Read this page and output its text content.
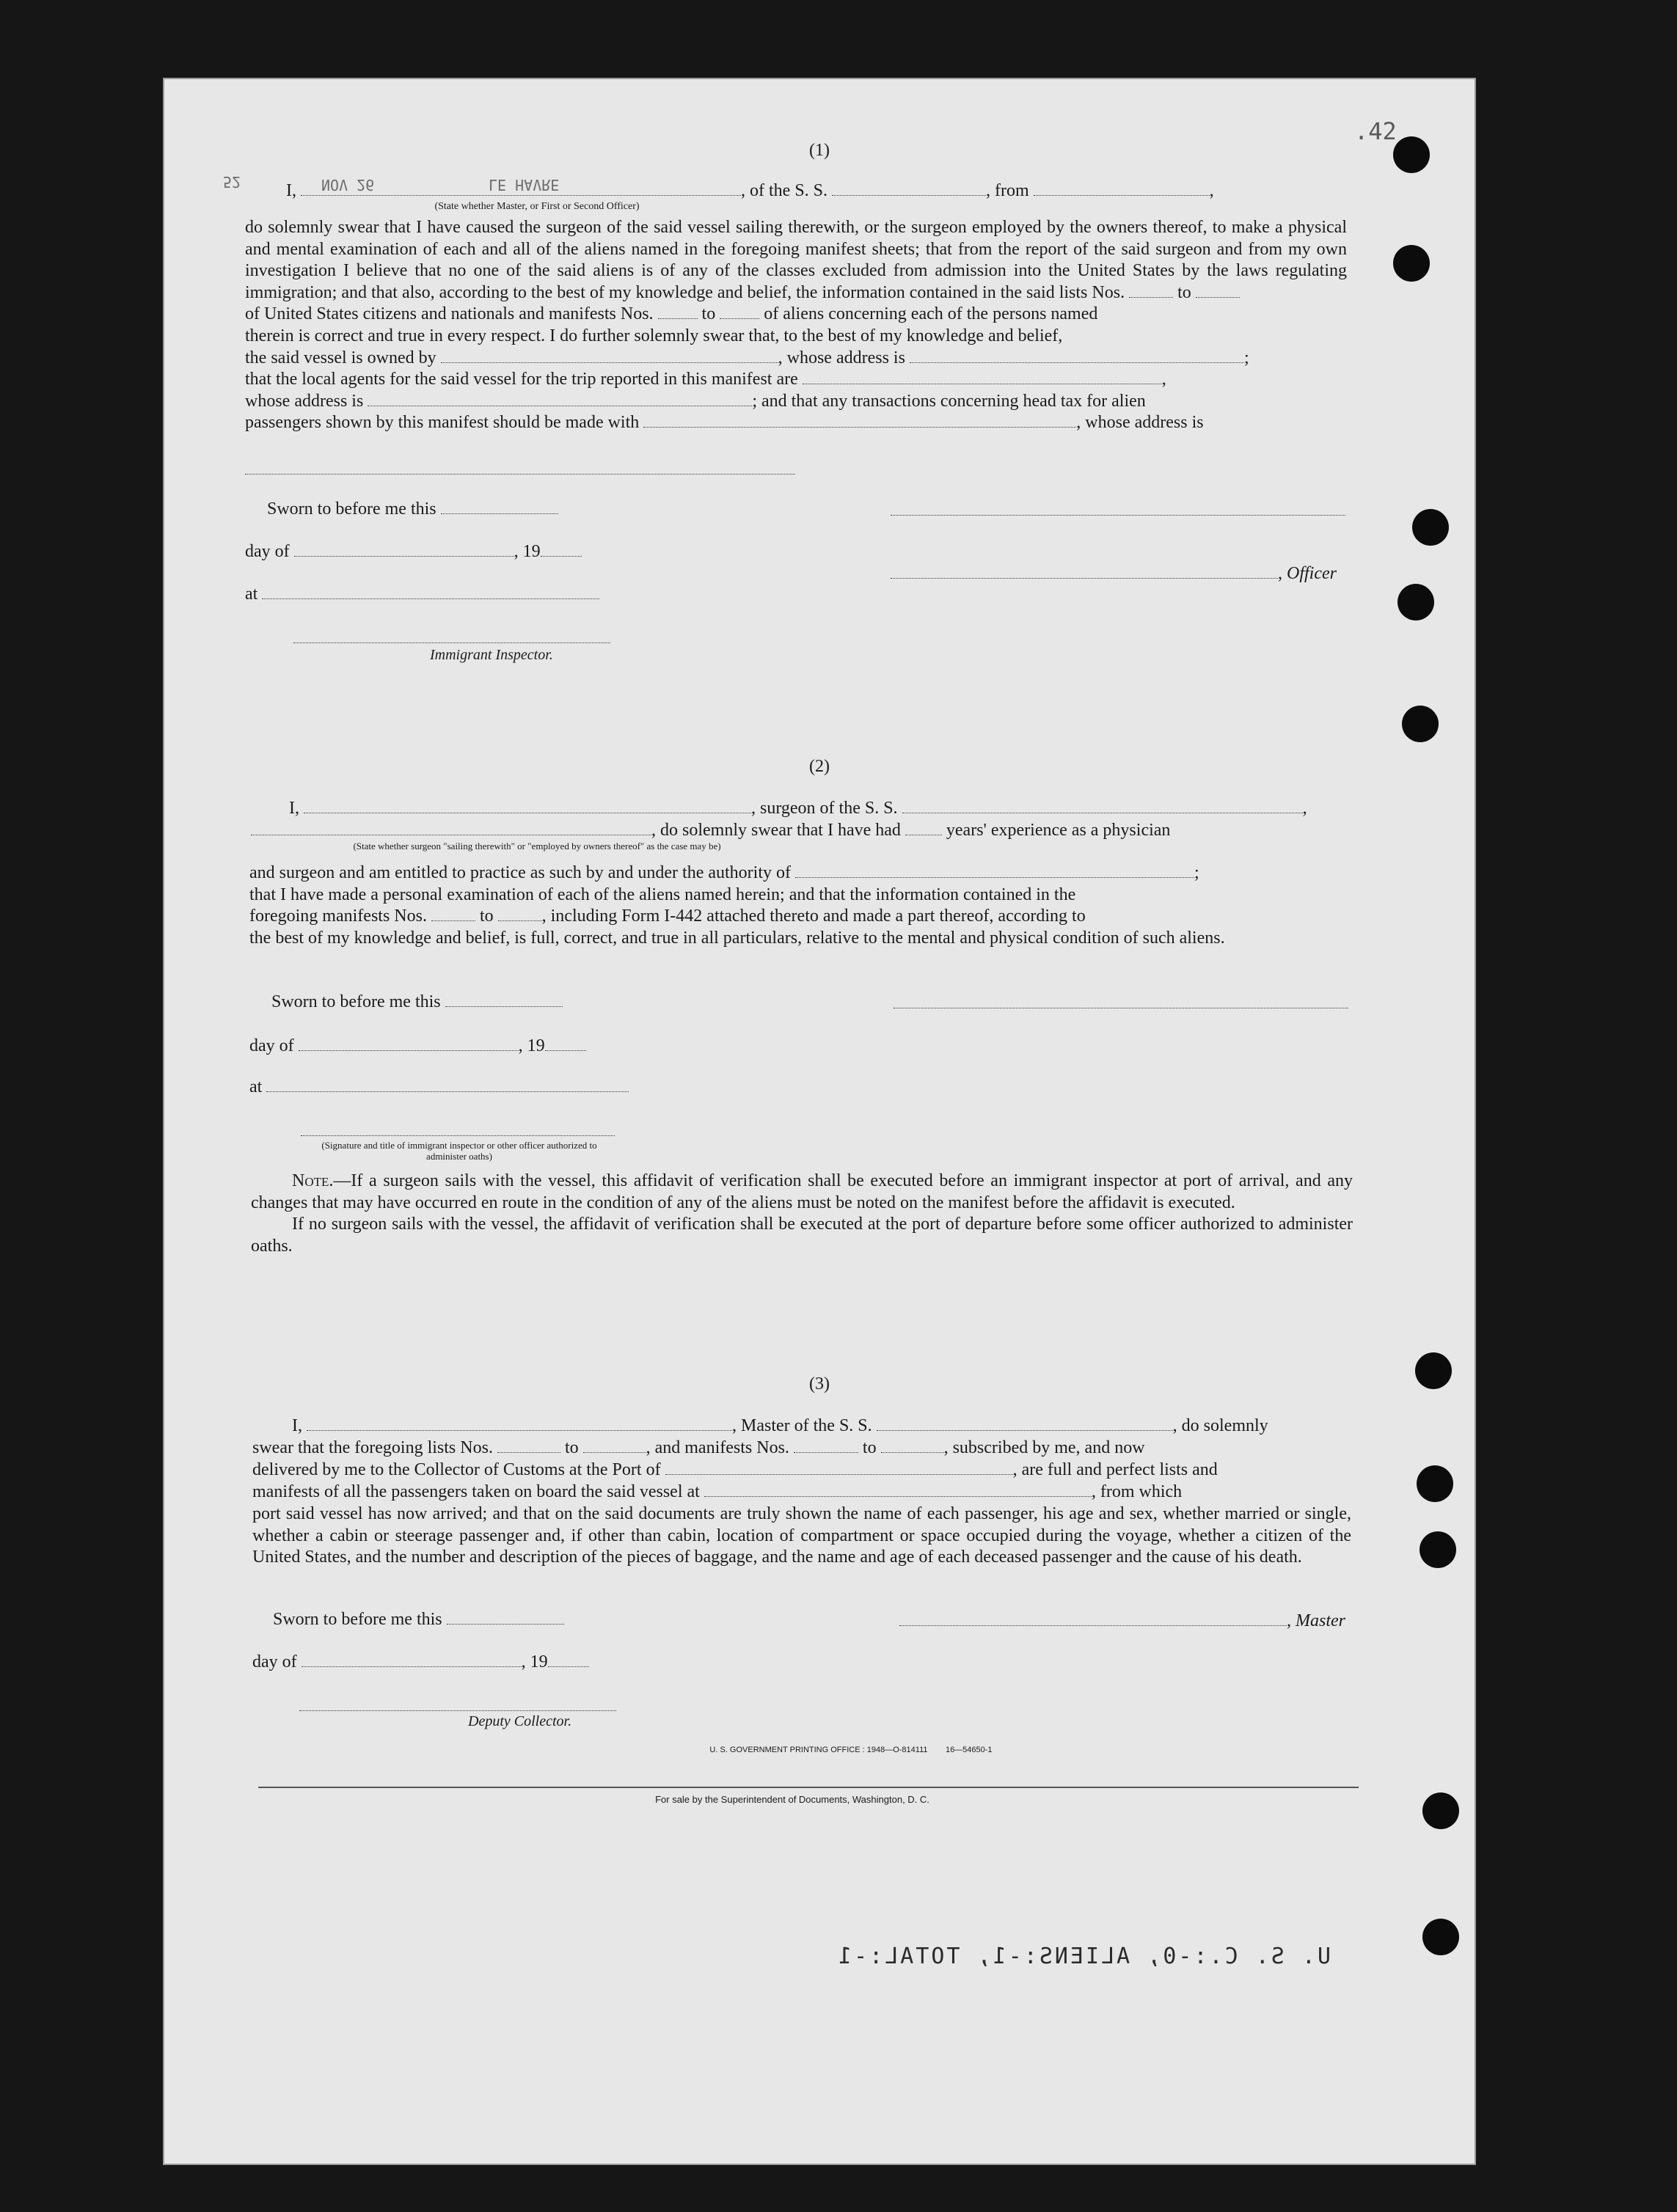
.42
NOV 26	LE HAVRE
52
(1)
I,	, of the S. S.	, from	,
(State whether Master, or First or Second Officer)

do solemnly swear that I have caused the surgeon of the said vessel sailing therewith, or the surgeon employed by the owners thereof, to make a physical and mental examination of each and all of the aliens named in the foregoing manifest sheets; that from the report of the said surgeon and from my own investigation I believe that no one of the said aliens is of any of the classes excluded from admission into the United States by the laws regulating immigration; and that also, according to the best of my knowledge and belief, the information contained in the said lists Nos.	to

of United States citizens and nationals and manifests Nos.	to	of aliens concerning each of the persons named

therein is correct and true in every respect. I do further solemnly swear that, to the best of my knowledge and belief,

the said vessel is owned by	, whose address is	;

that the local agents for the said vessel for the trip reported in this manifest are	,

whose address is	; and that any transactions concerning head tax for alien

passengers shown by this manifest should be made with	, whose address is

Sworn to before me this
day of	, 19
, Officer
at
Immigrant Inspector.
(2)
I,	, surgeon of the S. S.	,
, do solemnly swear that I have had	years' experience as a physician
(State whether surgeon "sailing therewith" or "employed by owners thereof" as the case may be)

and surgeon and am entitled to practice as such by and under the authority of	;

that I have made a personal examination of each of the aliens named herein; and that the information contained in the

foregoing manifests Nos.	to	, including Form I-442 attached thereto and made a part thereof, according to

the best of my knowledge and belief, is full, correct, and true in all particulars, relative to the mental and physical condition of such aliens.

Sworn to before me this
day of	, 19
at
(Signature and title of immigrant inspector or other officer authorized to administer oaths)

Note.—If a surgeon sails with the vessel, this affidavit of verification shall be executed before an immigrant inspector at port of arrival, and any changes that may have occurred en route in the condition of any of the aliens must be noted on the manifest before the affidavit is executed.

If no surgeon sails with the vessel, the affidavit of verification shall be executed at the port of departure before some officer authorized to administer oaths.

(3)
I,	, Master of the S. S.	, do solemnly
swear that the foregoing lists Nos.	to	, and manifests Nos.	to	, subscribed by me, and now
delivered by me to the Collector of Customs at the Port of	, are full and perfect lists and
manifests of all the passengers taken on board the said vessel at	, from which

port said vessel has now arrived; and that on the said documents are truly shown the name of each passenger, his age and sex, whether married or single, whether a cabin or steerage passenger and, if other than cabin, location of compartment or space occupied during the voyage, whether a citizen of the United States, and the number and description of the pieces of baggage, and the name and age of each deceased passenger and the cause of his death.

Sworn to before me this	, Master
day of	, 19
Deputy Collector.
U. S. GOVERNMENT PRINTING OFFICE : 1948—O-814111        16—54650-1
For sale by the Superintendent of Documents, Washington, D. C.
U. S. C.:-0, ALIENS:-1, TOTAL:-1
